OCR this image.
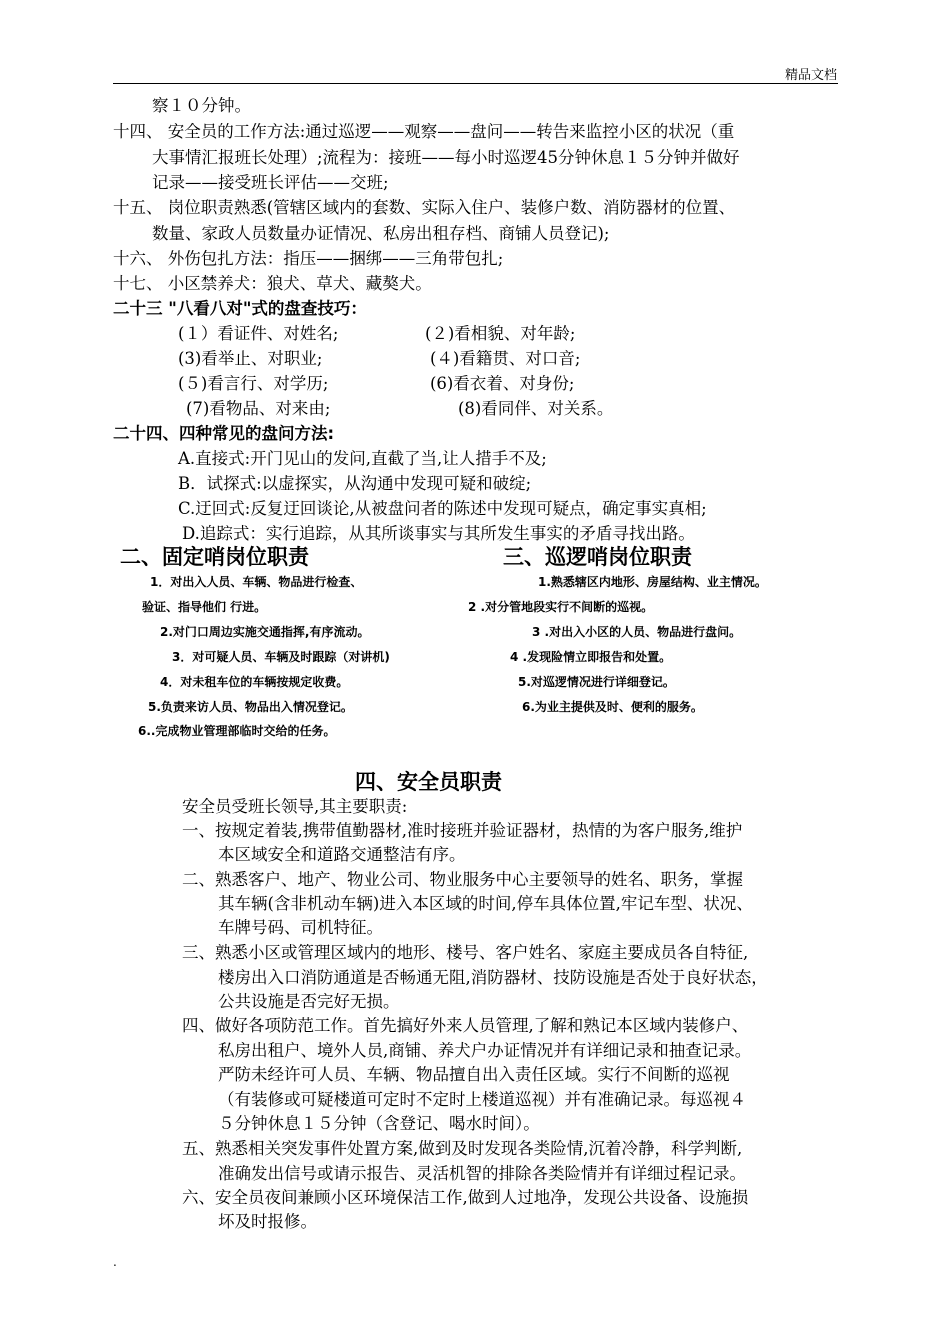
精品文档
察１０分钟。
十四、 安全员的工作方法:通过巡逻——观察——盘问——转告来监控小区的状况（重
大事情汇报班长处理）;流程为：接班——每小时巡逻45分钟休息１５分钟并做好
记录——接受班长评估——交班;
十五、 岗位职责熟悉(管辖区域内的套数、实际入住户、装修户数、消防器材的位置、
数量、家政人员数量办证情况、私房出租存档、商铺人员登记);
十六、 外伤包扎方法：指压——捆绑——三角带包扎;
十七、 小区禁养犬：狼犬、草犬、藏獒犬。
二十三 "八看八对"式的盘查技巧：
(１）看证件、对姓名;
(3)看举止、对职业;
(５)看言行、对学历;
(7)看物品、对来由;
(２)看相貌、对年龄;
(４)看籍贯、对口音;
(6)看衣着、对身份;
(8)看同伴、对关系。
二十四、四种常见的盘问方法:
A.直接式:开门见山的发问,直截了当,让人措手不及;
B．试探式:以虚探实，从沟通中发现可疑和破绽;
C.迂回式:反复迂回谈论,从被盘问者的陈述中发现可疑点，确定事实真相;
D.追踪式：实行追踪，从其所谈事实与其所发生事实的矛盾寻找出路。
二、固定哨岗位职责	三、巡逻哨岗位职责
1．对出入人员、车辆、物品进行检查、
验证、指导他们 行进。
2.对门口周边实施交通指挥,有序流动。
3．对可疑人员、车辆及时跟踪（对讲机)
4．对未租车位的车辆按规定收费。
5.负责来访人员、物品出入情况登记。
6..完成物业管理部临时交给的任务。
1.熟悉辖区内地形、房屋结构、业主情况。
2 .对分管地段实行不间断的巡视。
3 .对出入小区的人员、物品进行盘问。
4 .发现险情立即报告和处置。
5.对巡逻情况进行详细登记。
6.为业主提供及时、便利的服务。
四、安全员职责
安全员受班长领导,其主要职责:
一、按规定着装,携带值勤器材,准时接班并验证器材，热情的为客户服务,维护
本区域安全和道路交通整洁有序。
二、熟悉客户、地产、物业公司、物业服务中心主要领导的姓名、职务，掌握
其车辆(含非机动车辆)进入本区域的时间,停车具体位置,牢记车型、状况、
车牌号码、司机特征。
三、熟悉小区或管理区域内的地形、楼号、客户姓名、家庭主要成员各自特征,
楼房出入口消防通道是否畅通无阻,消防器材、技防设施是否处于良好状态，
公共设施是否完好无损。
四、做好各项防范工作。首先搞好外来人员管理,了解和熟记本区域内装修户、
私房出租户、境外人员,商铺、养犬户办证情况并有详细记录和抽查记录。
严防未经许可人员、车辆、物品擅自出入责任区域。实行不间断的巡视
（有装修或可疑楼道可定时不定时上楼道巡视）并有准确记录。每巡视４
５分钟休息１５分钟（含登记、喝水时间）。
五、熟悉相关突发事件处置方案,做到及时发现各类险情,沉着冷静，科学判断,
准确发出信号或请示报告、灵活机智的排除各类险情并有详细过程记录。
六、安全员夜间兼顾小区环境保洁工作,做到人过地净，发现公共设备、设施损
坏及时报修。
.
